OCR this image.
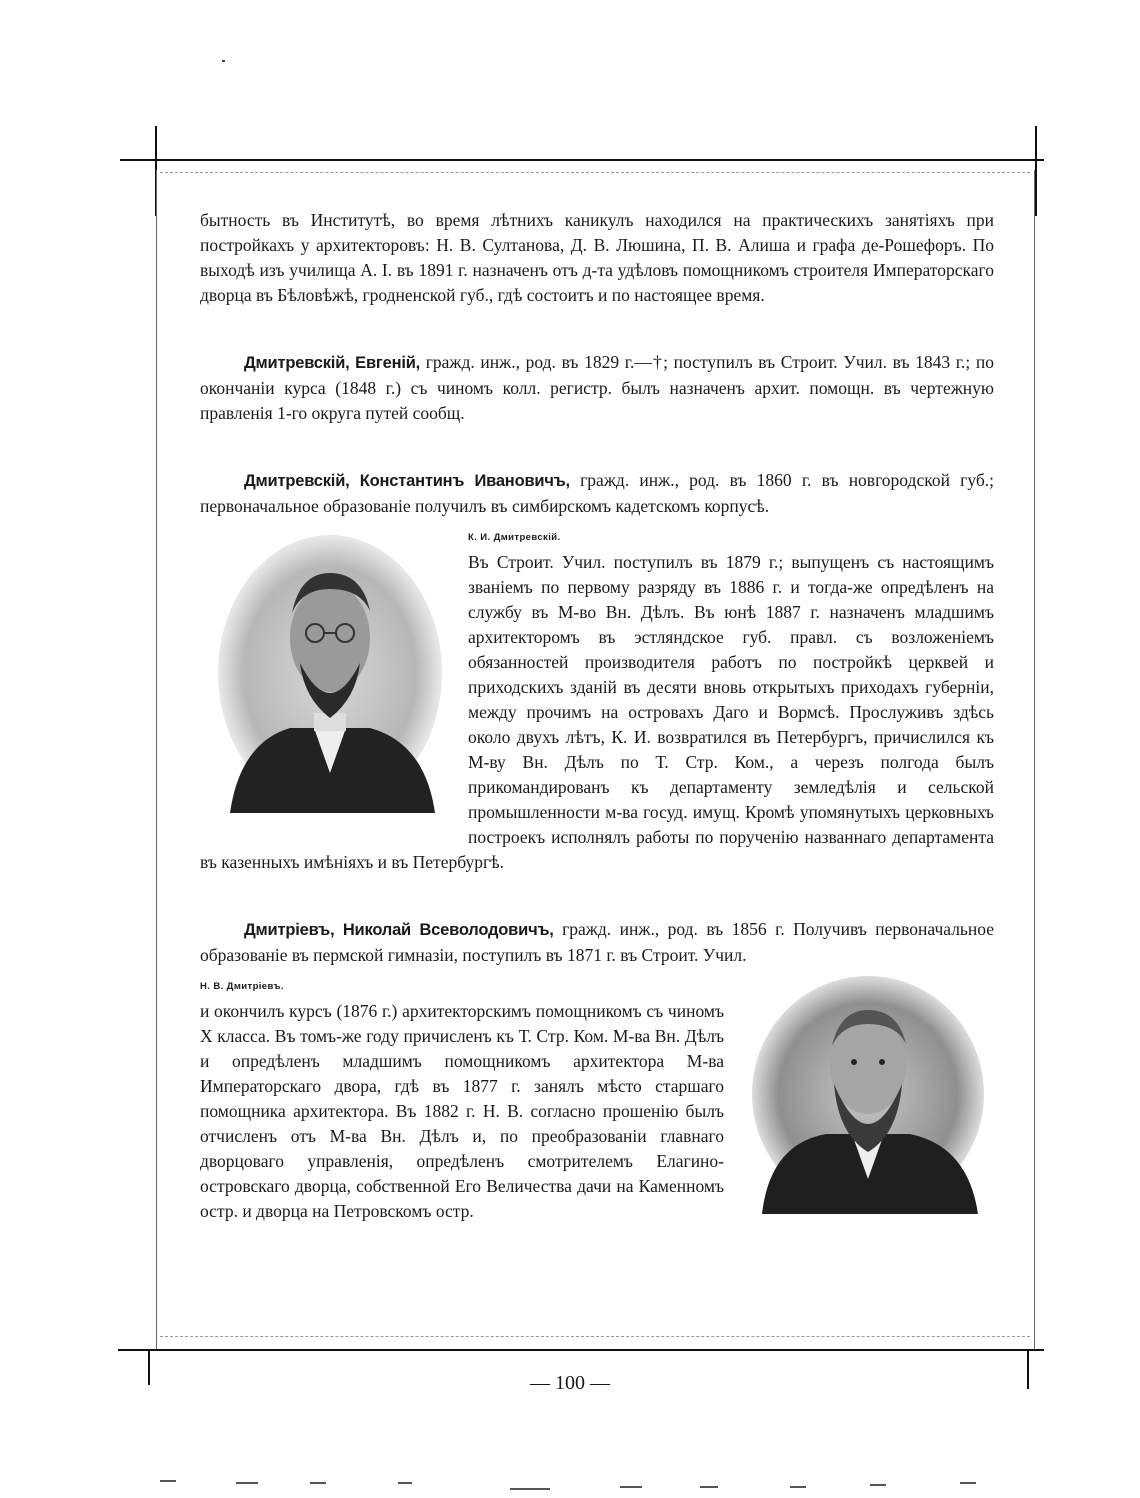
бытность въ Институтѣ, во время лѣтнихъ каникулъ находился на практическихъ занятіяхъ при постройкахъ у архитекторовъ: Н. В. Султанова, Д. В. Люшина, П. В. Алиша и графа де-Рошефоръ. По выходѣ изъ училища А. I. въ 1891 г. назначенъ отъ д-та удѣловъ помощникомъ строителя Императорскаго дворца въ Бѣловѣжѣ, гродненской губ., гдѣ состоитъ и по настоящее время.

Дмитревскій, Евгеній, гражд. инж., род. въ 1829 г.—†; поступилъ въ Строит. Учил. въ 1843 г.; по окончаніи курса (1848 г.) съ чиномъ колл. регистр. былъ назначенъ архит. помощн. въ чертежную правленія 1-го округа путей сообщ.

Дмитревскій, Константинъ Ивановичъ, гражд. инж., род. въ 1860 г. въ новгородской губ.; первоначальное образованіе получилъ въ симбирскомъ кадетскомъ корпусѣ.

К. И. Дмитревскій.
Въ Строит. Учил. поступилъ въ 1879 г.; выпущенъ съ настоящимъ званіемъ по первому разряду въ 1886 г. и тогда-же опредѣленъ на службу въ М-во Вн. Дѣлъ. Въ юнѣ 1887 г. назначенъ младшимъ архитекторомъ въ эстляндское губ. правл. съ возложеніемъ обязанностей производителя работъ по постройкѣ церквей и приходскихъ зданій въ десяти вновь открытыхъ приходахъ губерніи, между прочимъ на островахъ Даго и Вормсѣ. Прослуживъ здѣсь около двухъ лѣтъ, К. И. возвратился въ Петербургъ, причислился къ М-ву Вн. Дѣлъ по Т. Стр. Ком., а черезъ полгода былъ прикомандированъ къ департаменту земледѣлія и сельской промышленности м-ва госуд. имущ. Кромѣ упомянутыхъ церковныхъ построекъ исполнялъ работы по порученію названнаго департамента въ казенныхъ имѣніяхъ и въ Петербургѣ.

Дмитріевъ, Николай Всеволодовичъ, гражд. инж., род. въ 1856 г. Получивъ первоначальное образованіе въ пермской гимназіи, поступилъ въ 1871 г. въ Строит. Учил.

Н. В. Дмитріевъ.
и окончилъ курсъ (1876 г.) архитекторскимъ помощникомъ съ чиномъ X класса. Въ томъ-же году причисленъ къ Т. Стр. Ком. М-ва Вн. Дѣлъ и опредѣленъ младшимъ помощникомъ архитектора М-ва Императорскаго двора, гдѣ въ 1877 г. занялъ мѣсто старшаго помощника архитектора. Въ 1882 г. Н. В. согласно прошенію былъ отчисленъ отъ М-ва Вн. Дѣлъ и, по преобразованіи главнаго дворцоваго управленія, опредѣленъ смотрителемъ Елагино-островскаго дворца, собственной Его Величества дачи на Каменномъ остр. и дворца на Петровскомъ остр.

— 100 —
